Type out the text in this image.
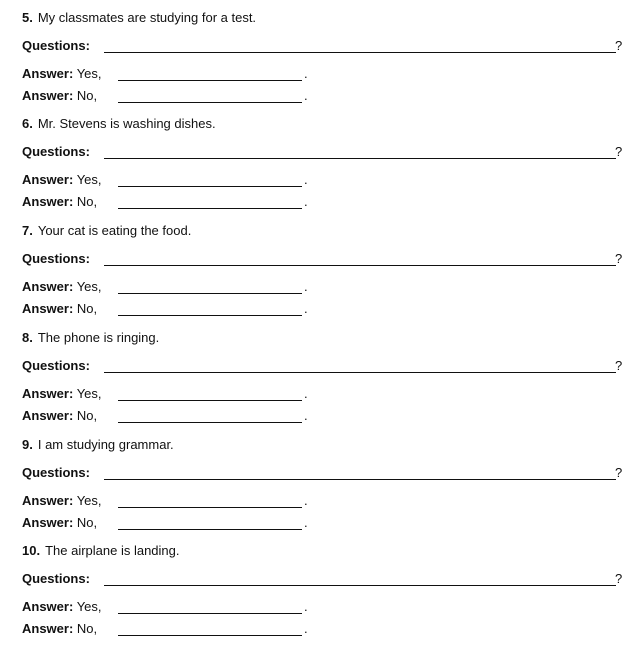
5. My classmates are studying for a test.
Questions:	?
Answer: Yes,	.
Answer: No,	.
6. Mr. Stevens is washing dishes.
Questions:	?
Answer: Yes,	.
Answer: No,	.
7. Your cat is eating the food.
Questions:	?
Answer: Yes,	.
Answer: No,	.
8. The phone is ringing.
Questions:	?
Answer: Yes,	.
Answer: No,	.
9. I am studying grammar.
Questions:	?
Answer: Yes,	.
Answer: No,	.
10. The airplane is landing.
Questions:	?
Answer: Yes,	.
Answer: No,	.
